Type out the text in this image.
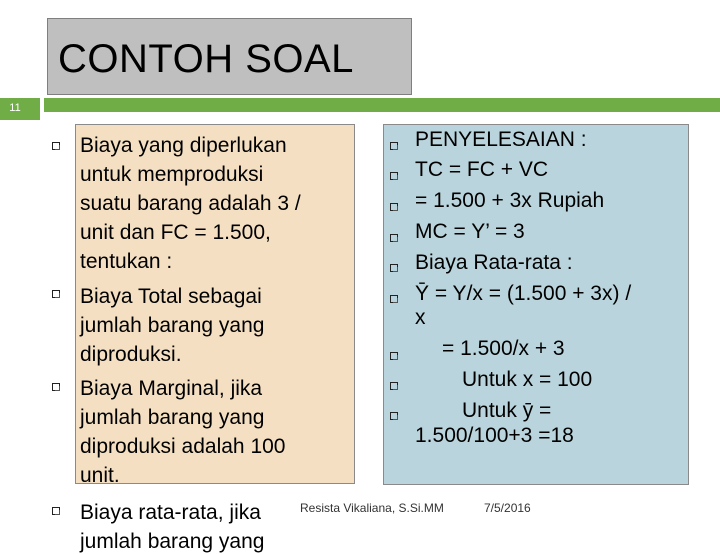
CONTOH SOAL
11
Biaya yang diperlukan
untuk memproduksi
suatu barang adalah 3 /
unit dan FC = 1.500,
tentukan :
Biaya Total sebagai
jumlah barang yang
diproduksi.
Biaya Marginal, jika
jumlah barang yang
diproduksi adalah 100
unit.
Biaya rata-rata, jika
jumlah barang yang
PENYELESAIAN :
TC = FC + VC
= 1.500 + 3x Rupiah
MC = Y’ = 3
Biaya Rata-rata :
Ȳ = Y/x = (1.500 + 3x) /
x
= 1.500/x + 3
Untuk x = 100
Untuk ȳ =
1.500/100+3 =18
Resista Vikaliana, S.Si.MM	7/5/2016
